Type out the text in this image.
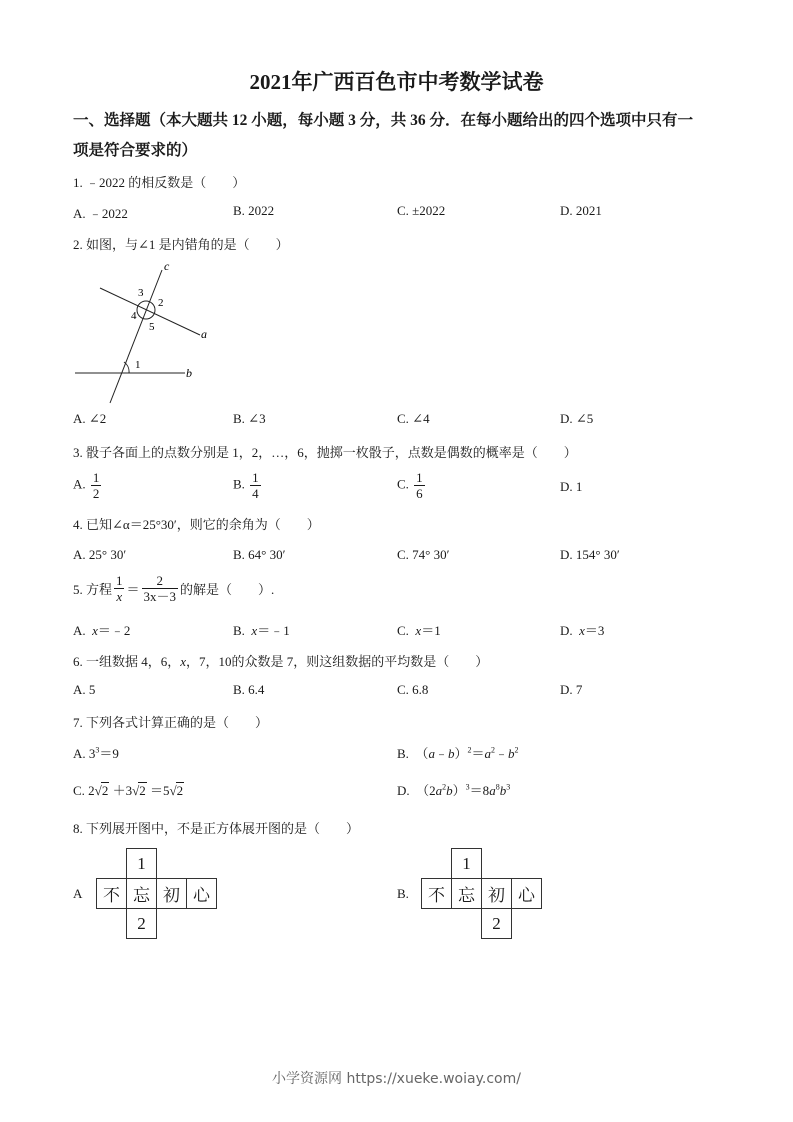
2021年广西百色市中考数学试卷
一、选择题（本大题共 12 小题，每小题 3 分，共 36 分．在每小题给出的四个选项中只有一
项是符合要求的）
1. ﹣2022 的相反数是（　　）
A. ﹣2022	B. 2022	C. ±2022	D. 2021
2. 如图，与∠1 是内错角的是（　　）
c
a
b
3
2
4
5
1
A. ∠2	B. ∠3	C. ∠4	D. ∠5
3. 骰子各面上的点数分别是 1，2，…，6，抛掷一枚骰子，点数是偶数的概率是（　　）
A. $\frac{1}{2}$	B. $\frac{1}{4}$	C. $\frac{1}{6}$	D. 1
4. 已知∠α＝25°30′，则它的余角为（　　）
A. 25° 30′	B. 64° 30′	C. 74° 30′	D. 154° 30′
5. 方程 $\frac{1}{x} = \frac{2}{3x-3}$ 的解是（　　）.
A. x＝﹣2	B. x＝﹣1	C. x＝1	D. x＝3
6. 一组数据 4，6，x，7，10的众数是 7，则这组数据的平均数是（　　）
A. 5	B. 6.4	C. 6.8	D. 7
7. 下列各式计算正确的是（　　）
A. $3^3=9$	B. $(a﹣b)^2=a^2﹣b^2$
C. 2√2 ＋3√2 ＝5√2	D. $(2a^2b)^3=8a^8b^3$
8. 下列展开图中，不是正方体展开图的是（　　）
A
1
不 忘 初 心
2
B.
1
不 忘 初 心
2
小学资源网 https://xueke.woiay.com/
